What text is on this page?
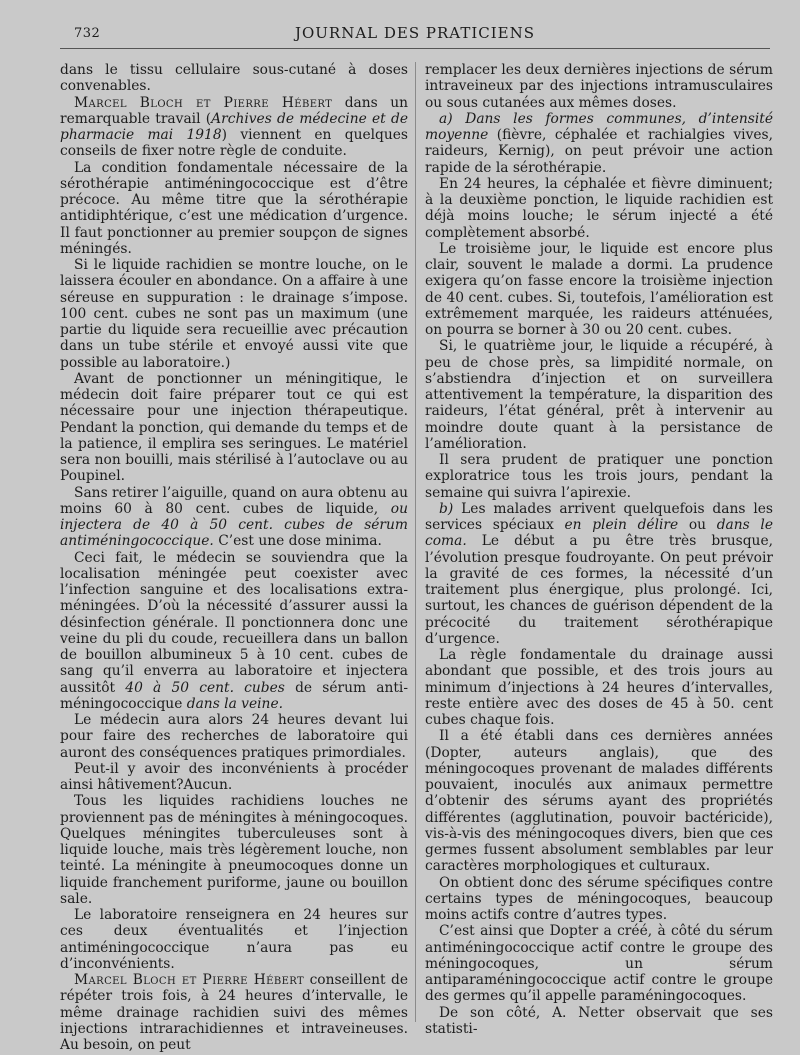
732	JOURNAL DES PRATICIENS

dans le tissu cellulaire sous-cutané à doses convenables.

Marcel Bloch et Pierre Hébert dans un remarquable travail (Archives de médecine et de pharmacie mai 1918) viennent en quelques conseils de fixer notre règle de conduite.

La condition fondamentale nécessaire de la sérothérapie antiméningococcique est d’être précoce. Au même titre que la sérothérapie antidiphtérique, c’est une médication d’urgence. Il faut ponctionner au premier soupçon de signes méningés.

Si le liquide rachidien se montre louche, on le laissera écouler en abondance. On a affaire à une séreuse en suppuration : le drainage s’impose. 100 cent. cubes ne sont pas un maximum (une partie du liquide sera recueillie avec précaution dans un tube stérile et envoyé aussi vite que possible au laboratoire.)

Avant de ponctionner un méningitique, le médecin doit faire préparer tout ce qui est nécessaire pour une injection thérapeutique. Pendant la ponction, qui demande du temps et de la patience, il emplira ses seringues. Le matériel sera non bouilli, mais stérilisé à l’autoclave ou au Poupinel.

Sans retirer l’aiguille, quand on aura obtenu au moins 60 à 80 cent. cubes de liquide, ou injectera de 40 à 50 cent. cubes de sérum antiméningococcique. C’est une dose minima.

Ceci fait, le médecin se souviendra que la localisation méningée peut coexister avec l’infection sanguine et des localisations extra-méningées. D’où la nécessité d’assurer aussi la désinfection générale. Il ponctionnera donc une veine du pli du coude, recueillera dans un ballon de bouillon albumineux 5 à 10 cent. cubes de sang qu’il enverra au laboratoire et injectera aussitôt 40 à 50 cent. cubes de sérum anti-méningococcique dans la veine.

Le médecin aura alors 24 heures devant lui pour faire des recherches de laboratoire qui auront des conséquences pratiques primordiales.

Peut-il y avoir des inconvénients à procéder ainsi hâtivement?Aucun.

Tous les liquides rachidiens louches ne proviennent pas de méningites à méningocoques. Quelques méningites tuberculeuses sont à liquide louche, mais très légèrement louche, non teinté. La méningite à pneumocoques donne un liquide franchement puriforme, jaune ou bouillon sale.

Le laboratoire renseignera en 24 heures sur ces deux éventualités et l’injection antiméningococcique n’aura pas eu d’inconvénients.

Marcel Bloch et Pierre Hébert conseillent de répéter trois fois, à 24 heures d’intervalle, le même drainage rachidien suivi des mêmes injections intrarachidiennes et intraveineuses. Au besoin, on peut

remplacer les deux dernières injections de sérum intraveineux par des injections intramusculaires ou sous cutanées aux mêmes doses.

a) Dans les formes communes, d’intensité moyenne (fièvre, céphalée et rachialgies vives, raideurs, Kernig), on peut prévoir une action rapide de la sérothérapie.

En 24 heures, la céphalée et fièvre diminuent; à la deuxième ponction, le liquide rachidien est déjà moins louche; le sérum injecté a été complètement absorbé.

Le troisième jour, le liquide est encore plus clair, souvent le malade a dormi. La prudence exigera qu’on fasse encore la troisième injection de 40 cent. cubes. Si, toutefois, l’amélioration est extrêmement marquée, les raideurs atténuées, on pourra se borner à 30 ou 20 cent. cubes.

Si, le quatrième jour, le liquide a récupéré, à peu de chose près, sa limpidité normale, on s’abstiendra d’injection et on surveillera attentivement la température, la disparition des raideurs, l’état général, prêt à intervenir au moindre doute quant à la persistance de l’amélioration.

Il sera prudent de pratiquer une ponction exploratrice tous les trois jours, pendant la semaine qui suivra l’apirexie.

b) Les malades arrivent quelquefois dans les services spéciaux en plein délire ou dans le coma. Le début a pu être très brusque, l’évolution presque foudroyante. On peut prévoir la gravité de ces formes, la nécessité d’un traitement plus énergique, plus prolongé. Ici, surtout, les chances de guérison dépendent de la précocité du traitement sérothérapique d’urgence.

La règle fondamentale du drainage aussi abondant que possible, et des trois jours au minimum d’injections à 24 heures d’intervalles, reste entière avec des doses de 45 à 50. cent cubes chaque fois.

Il a été établi dans ces dernières années (Dopter, auteurs anglais), que des méningocoques provenant de malades différents pouvaient, inoculés aux animaux permettre d’obtenir des sérums ayant des propriétés différentes (agglutination, pouvoir bactéricide), vis-à-vis des méningocoques divers, bien que ces germes fussent absolument semblables par leur caractères morphologiques et culturaux.

On obtient donc des sérume spécifiques contre certains types de méningocoques, beaucoup moins actifs contre d’autres types.

C’est ainsi que Dopter a créé, à côté du sérum antiméningococcique actif contre le groupe des méningocoques, un sérum antiparaméningococcique actif contre le groupe des germes qu’il appelle paraméningocoques.

De son côté, A. Netter observait que ses statisti-
